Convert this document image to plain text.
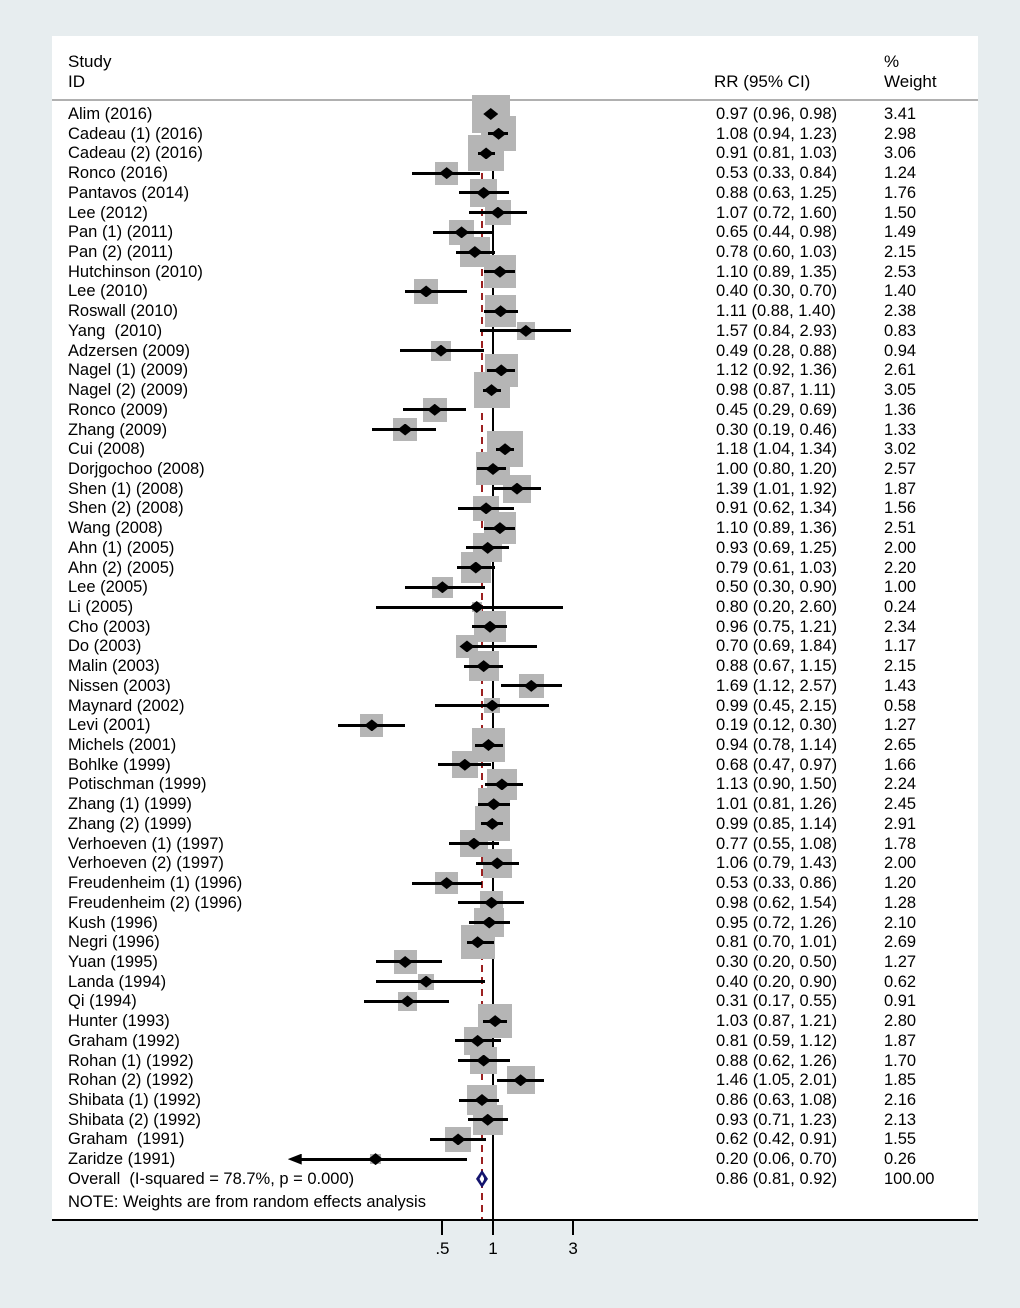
Study
ID	RR (95% CI)
%
Weight
Alim (2016)	0.97 (0.96, 0.98)	3.41
Cadeau (1) (2016)	1.08 (0.94, 1.23)	2.98
Cadeau (2) (2016)	0.91 (0.81, 1.03)	3.06
Ronco (2016)	0.53 (0.33, 0.84)	1.24
Pantavos (2014)	0.88 (0.63, 1.25)	1.76
Lee (2012)	1.07 (0.72, 1.60)	1.50
Pan (1) (2011)	0.65 (0.44, 0.98)	1.49
Pan (2) (2011)	0.78 (0.60, 1.03)	2.15
Hutchinson (2010)	1.10 (0.89, 1.35)	2.53
Lee (2010)	0.40 (0.30, 0.70)	1.40
Roswall (2010)	1.11 (0.88, 1.40)	2.38
Yang  (2010)	1.57 (0.84, 2.93)	0.83
Adzersen (2009)	0.49 (0.28, 0.88)	0.94
Nagel (1) (2009)	1.12 (0.92, 1.36)	2.61
Nagel (2) (2009)	0.98 (0.87, 1.11)	3.05
Ronco (2009)	0.45 (0.29, 0.69)	1.36
Zhang (2009)	0.30 (0.19, 0.46)	1.33
Cui (2008)	1.18 (1.04, 1.34)	3.02
Dorjgochoo (2008)	1.00 (0.80, 1.20)	2.57
Shen (1) (2008)	1.39 (1.01, 1.92)	1.87
Shen (2) (2008)	0.91 (0.62, 1.34)	1.56
Wang (2008)	1.10 (0.89, 1.36)	2.51
Ahn (1) (2005)	0.93 (0.69, 1.25)	2.00
Ahn (2) (2005)	0.79 (0.61, 1.03)	2.20
Lee (2005)	0.50 (0.30, 0.90)	1.00
Li (2005)	0.80 (0.20, 2.60)	0.24
Cho (2003)	0.96 (0.75, 1.21)	2.34
Do (2003)	0.70 (0.69, 1.84)	1.17
Malin (2003)	0.88 (0.67, 1.15)	2.15
Nissen (2003)	1.69 (1.12, 2.57)	1.43
Maynard (2002)	0.99 (0.45, 2.15)	0.58
Levi (2001)	0.19 (0.12, 0.30)	1.27
Michels (2001)	0.94 (0.78, 1.14)	2.65
Bohlke (1999)	0.68 (0.47, 0.97)	1.66
Potischman (1999)	1.13 (0.90, 1.50)	2.24
Zhang (1) (1999)	1.01 (0.81, 1.26)	2.45
Zhang (2) (1999)	0.99 (0.85, 1.14)	2.91
Verhoeven (1) (1997)	0.77 (0.55, 1.08)	1.78
Verhoeven (2) (1997)	1.06 (0.79, 1.43)	2.00
Freudenheim (1) (1996)	0.53 (0.33, 0.86)	1.20
Freudenheim (2) (1996)	0.98 (0.62, 1.54)	1.28
Kush (1996)	0.95 (0.72, 1.26)	2.10
Negri (1996)	0.81 (0.70, 1.01)	2.69
Yuan (1995)	0.30 (0.20, 0.50)	1.27
Landa (1994)	0.40 (0.20, 0.90)	0.62
Qi (1994)	0.31 (0.17, 0.55)	0.91
Hunter (1993)	1.03 (0.87, 1.21)	2.80
Graham (1992)	0.81 (0.59, 1.12)	1.87
Rohan (1) (1992)	0.88 (0.62, 1.26)	1.70
Rohan (2) (1992)	1.46 (1.05, 2.01)	1.85
Shibata (1) (1992)	0.86 (0.63, 1.08)	2.16
Shibata (2) (1992)	0.93 (0.71, 1.23)	2.13
Graham  (1991)	0.62 (0.42, 0.91)	1.55
Zaridze (1991)	0.20 (0.06, 0.70)	0.26
Overall  (I-squared = 78.7%, p = 0.000)	0.86 (0.81, 0.92)	100.00
NOTE: Weights are from random effects analysis
.5 1	3
